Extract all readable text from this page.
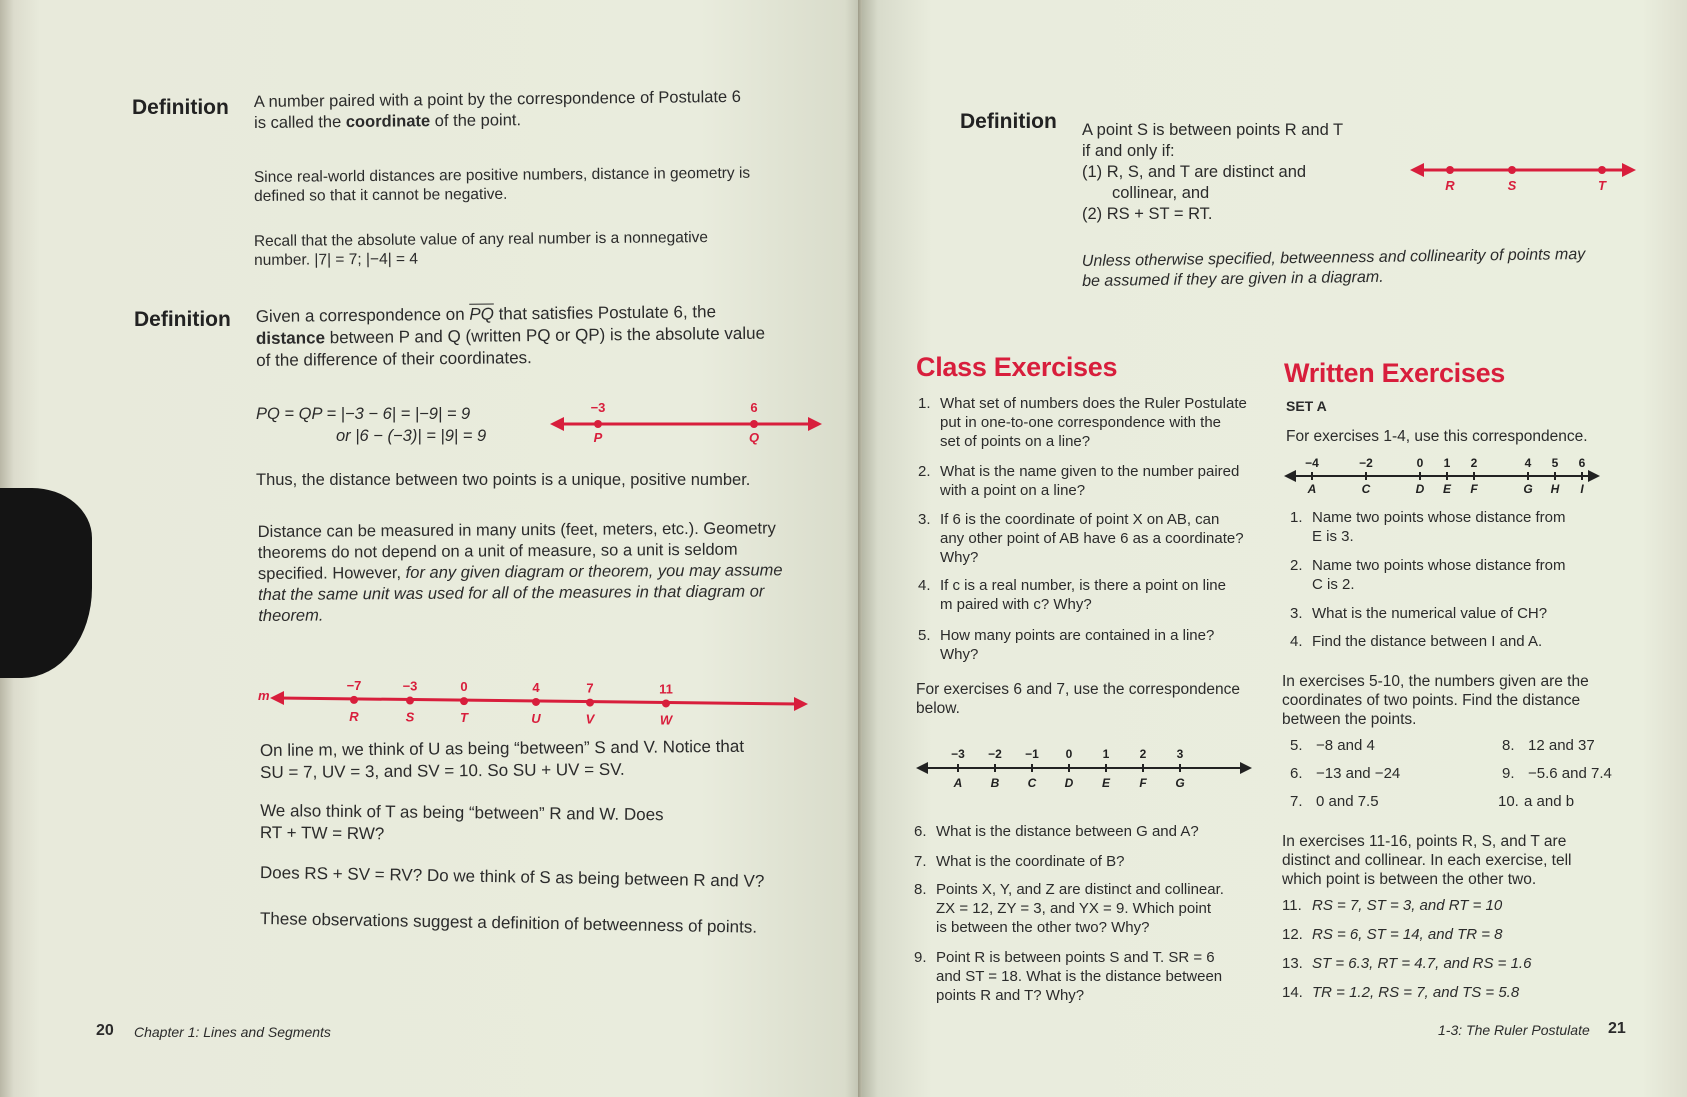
Definition A number paired with a point by the correspondence of Postulate 6
is called the coordinate of the point.
Since real-world distances are positive numbers, distance in geometry is
defined so that it cannot be negative.
Recall that the absolute value of any real number is a nonnegative
number. |7| = 7; |−4| = 4
Definition Given a correspondence on $\overline{PQ}$ that satisfies Postulate 6, the
distance between P and Q (written PQ or QP) is the absolute value
of the difference of their coordinates.
PQ = QP = |−3 − 6| = |−9| = 9
or |6 − (−3)| = |9| = 9
−3	6
P	Q
Thus, the distance between two points is a unique, positive number.
Distance can be measured in many units (feet, meters, etc.). Geometry
theorems do not depend on a unit of measure, so a unit is seldom
specified. However, for any given diagram or theorem, you may assume
that the same unit was used for all of the measures in that diagram or
theorem.
m
−7
R
−3
S
0
T
4
U
7
V
11
W
On line m, we think of U as being “between” S and V. Notice that
SU = 7, UV = 3, and SV = 10. So SU + UV = SV.
We also think of T as being “between” R and W. Does
RT + TW = RW?
Does RS + SV = RV? Do we think of S as being between R and V?
These observations suggest a definition of betweenness of points.
20 Chapter 1: Lines and Segments
Definition A point S is between points R and T
if and only if:
(1) R, S, and T are distinct and
collinear, and
(2) RS + ST = RT.
R	S	T
Unless otherwise specified, betweenness and collinearity of points may
be assumed if they are given in a diagram.
Class Exercises
1. What set of numbers does the Ruler Postulate
put in one-to-one correspondence with the
set of points on a line?
2. What is the name given to the number paired
with a point on a line?
3. If 6 is the coordinate of point X on AB, can
any other point of AB have 6 as a coordinate?
Why?
4. If c is a real number, is there a point on line
m paired with c? Why?
5. How many points are contained in a line?
Why?
For exercises 6 and 7, use the correspondence
below.
−3
A
−2
B
−1
C
0
D
1
E
2
F
3
G
6. What is the distance between G and A?
7. What is the coordinate of B?
8. Points X, Y, and Z are distinct and collinear.
ZX = 12, ZY = 3, and YX = 9. Which point
is between the other two? Why?
9. Point R is between points S and T. SR = 6
and ST = 18. What is the distance between
points R and T? Why?
Written Exercises
SET A
For exercises 1-4, use this correspondence.
−4
A
−2
C
0
D
1
E
2
F
4
G
5
H
6
I
1. Name two points whose distance from
E is 3.
2. Name two points whose distance from
C is 2.
3. What is the numerical value of CH?
4. Find the distance between I and A.
In exercises 5-10, the numbers given are the
coordinates of two points. Find the distance
between the points.
5. −8 and 4	8. 12 and 37
6. −13 and −24	9. −5.6 and 7.4
7. 0 and 7.5	10. a and b
In exercises 11-16, points R, S, and T are
distinct and collinear. In each exercise, tell
which point is between the other two.
11. RS = 7, ST = 3, and RT = 10
12. RS = 6, ST = 14, and TR = 8
13. ST = 6.3, RT = 4.7, and RS = 1.6
14. TR = 1.2, RS = 7, and TS = 5.8
1-3: The Ruler Postulate 21
